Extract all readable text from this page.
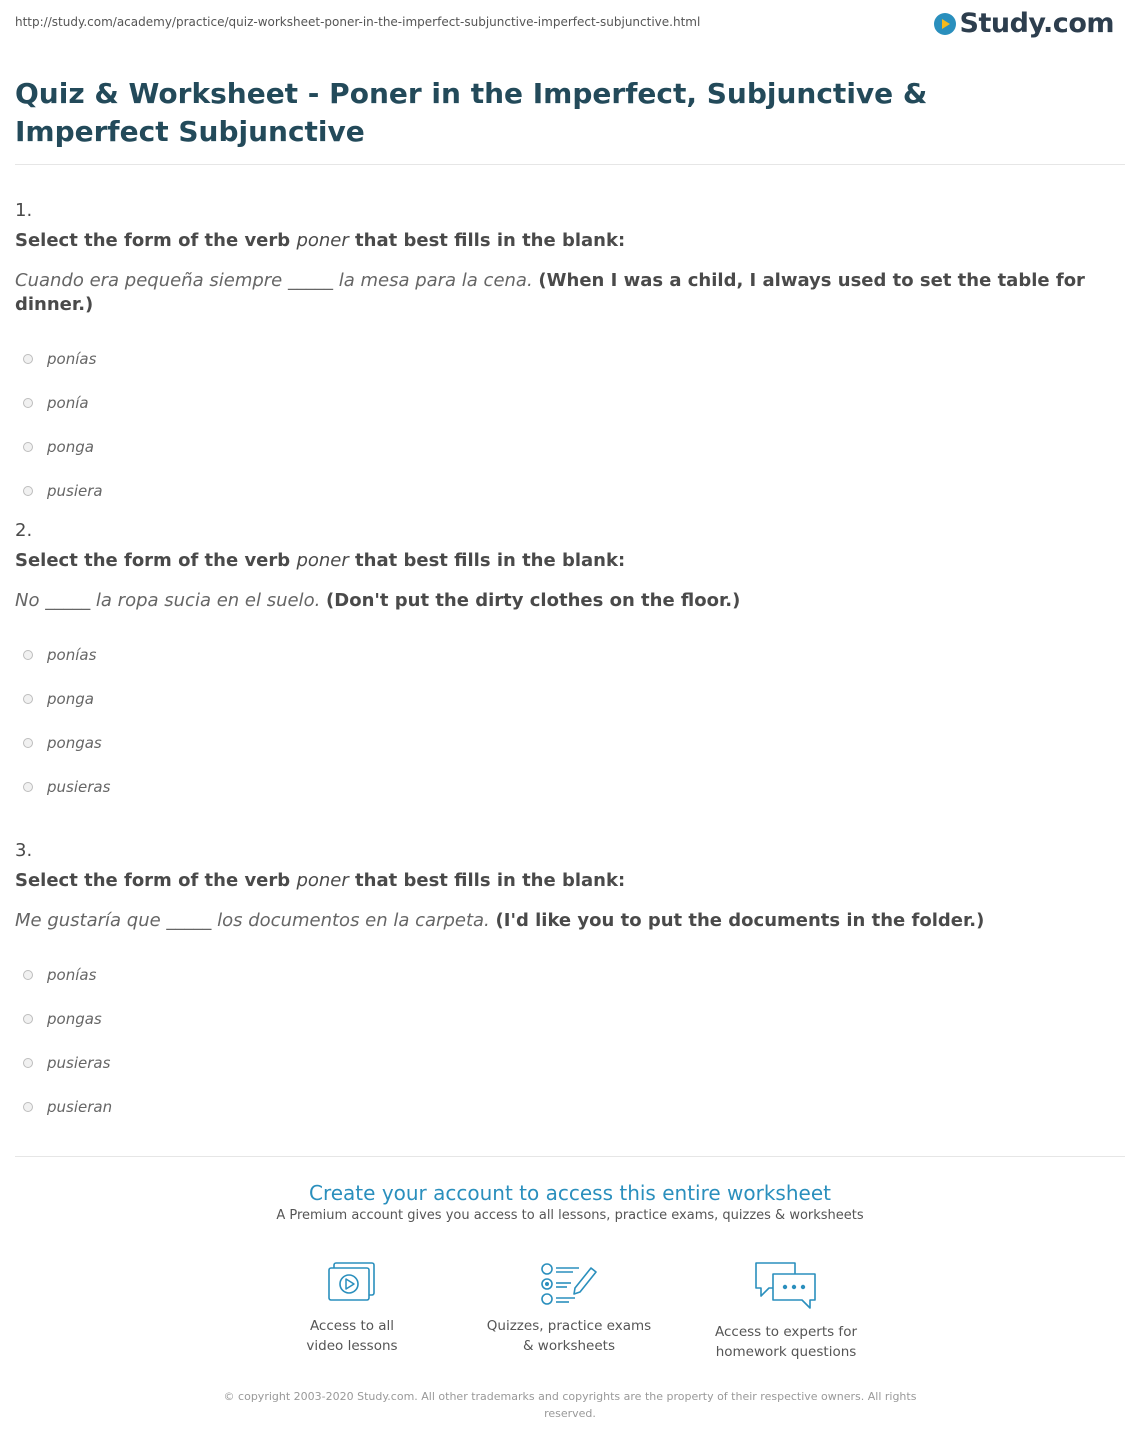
http://study.com/academy/practice/quiz-worksheet-poner-in-the-imperfect-subjunctive-imperfect-subjunctive.html	Study.com
Quiz & Worksheet - Poner in the Imperfect, Subjunctive & Imperfect Subjunctive
1.
Select the form of the verb poner that best fills in the blank:
Cuando era pequeña siempre _____ la mesa para la cena. (When I was a child, I always used to set the table for dinner.)
ponías
ponía
ponga
pusiera
2.
Select the form of the verb poner that best fills in the blank:
No _____ la ropa sucia en el suelo. (Don't put the dirty clothes on the floor.)
ponías
ponga
pongas
pusieras
3.
Select the form of the verb poner that best fills in the blank:
Me gustaría que _____ los documentos en la carpeta. (I'd like you to put the documents in the folder.)
ponías
pongas
pusieras
pusieran
Create your account to access this entire worksheet
A Premium account gives you access to all lessons, practice exams, quizzes & worksheets
Access to all
video lessons
Quizzes, practice exams
& worksheets
Access to experts for
homework questions
© copyright 2003-2020 Study.com. All other trademarks and copyrights are the property of their respective owners. All rights reserved.
